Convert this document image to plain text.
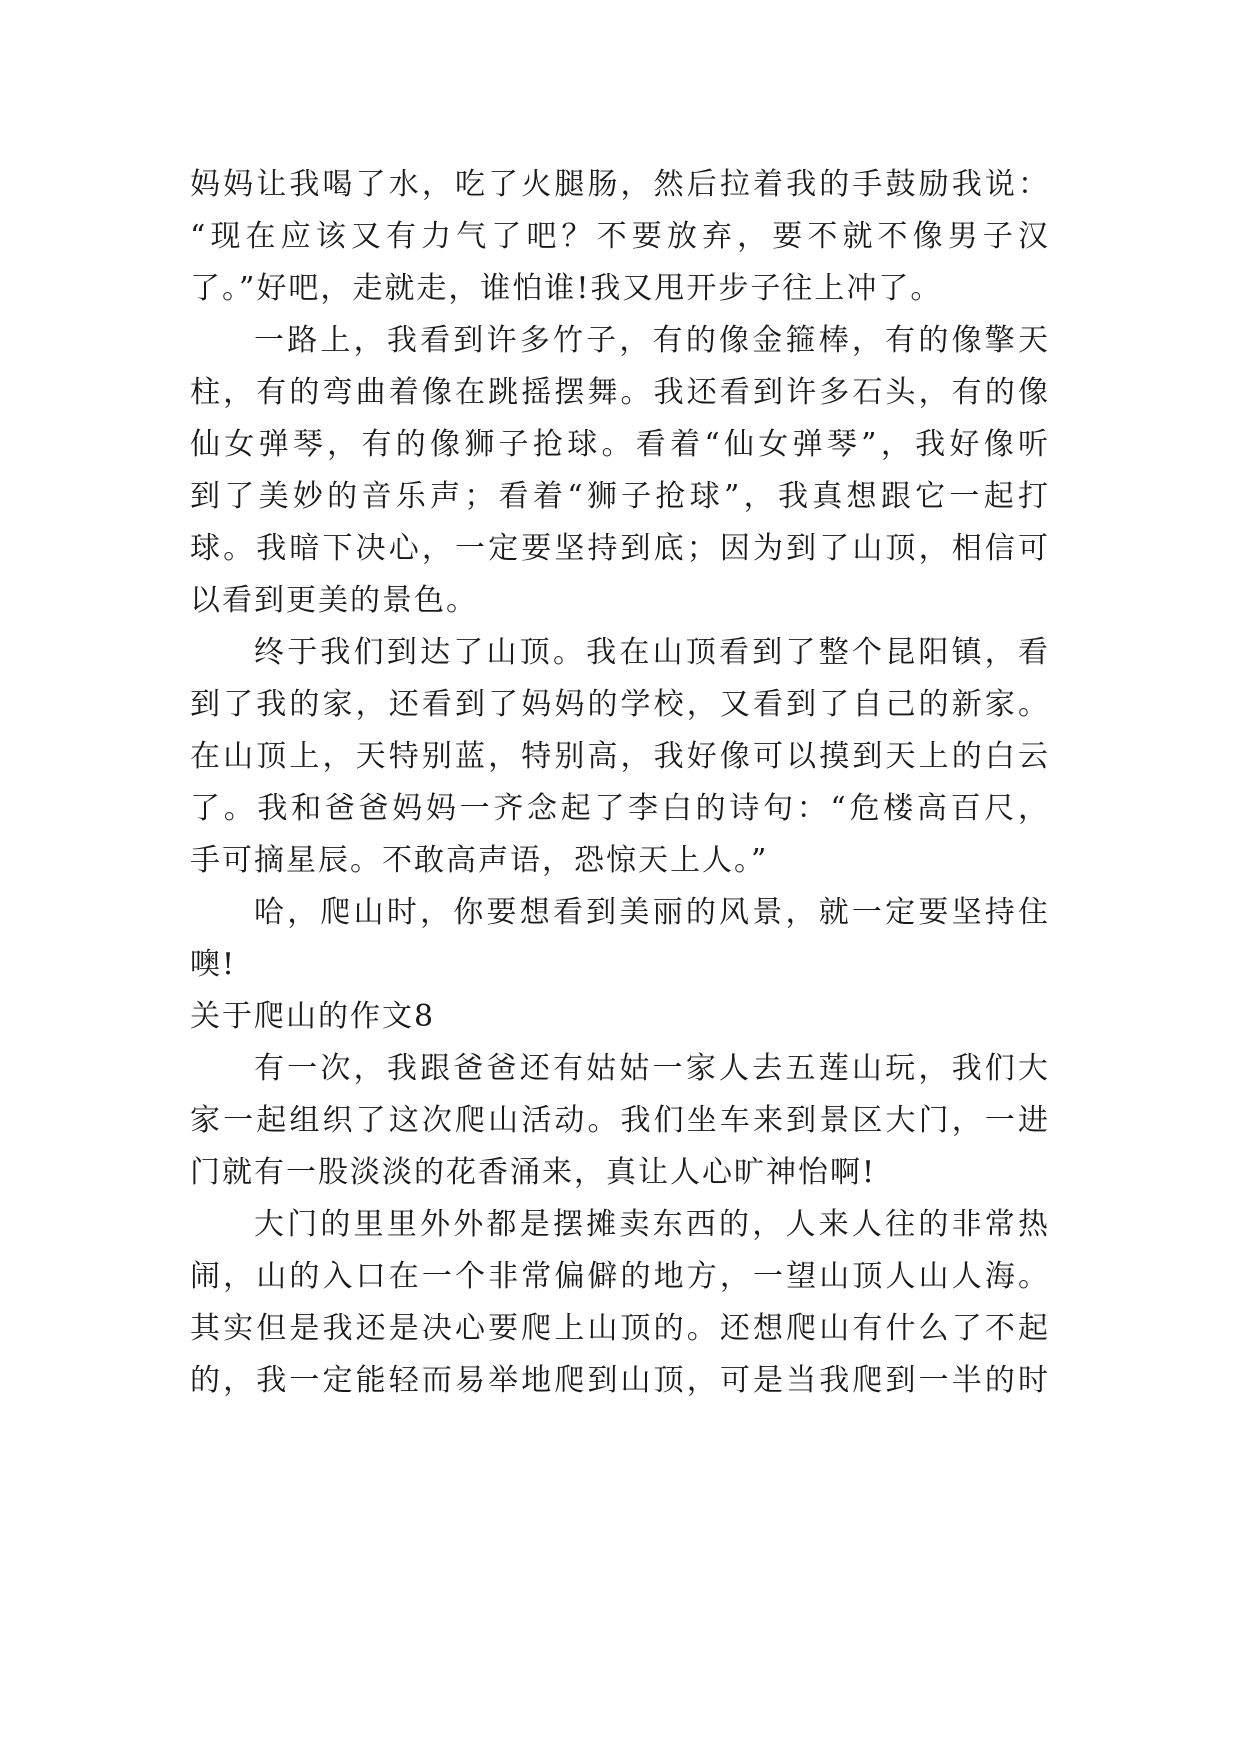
妈妈让我喝了水，吃了火腿肠，然后拉着我的手鼓励我说：
“现在应该又有力气了吧？不要放弃，要不就不像男子汉
了。”好吧，走就走，谁怕谁!我又甩开步子往上冲了。
一路上，我看到许多竹子，有的像金箍棒，有的像擎天
柱，有的弯曲着像在跳摇摆舞。我还看到许多石头，有的像
仙女弹琴，有的像狮子抢球。看着“仙女弹琴”，我好像听
到了美妙的音乐声；看着“狮子抢球”，我真想跟它一起打
球。我暗下决心，一定要坚持到底；因为到了山顶，相信可
以看到更美的景色。
终于我们到达了山顶。我在山顶看到了整个昆阳镇，看
到了我的家，还看到了妈妈的学校，又看到了自己的新家。
在山顶上，天特别蓝，特别高，我好像可以摸到天上的白云
了。我和爸爸妈妈一齐念起了李白的诗句：“危楼高百尺，
手可摘星辰。不敢高声语，恐惊天上人。”
哈，爬山时，你要想看到美丽的风景，就一定要坚持住
噢!
关于爬山的作文8
有一次，我跟爸爸还有姑姑一家人去五莲山玩，我们大
家一起组织了这次爬山活动。我们坐车来到景区大门，一进
门就有一股淡淡的花香涌来，真让人心旷神怡啊!
大门的里里外外都是摆摊卖东西的，人来人往的非常热
闹，山的入口在一个非常偏僻的地方，一望山顶人山人海。
其实但是我还是决心要爬上山顶的。还想爬山有什么了不起
的，我一定能轻而易举地爬到山顶，可是当我爬到一半的时
